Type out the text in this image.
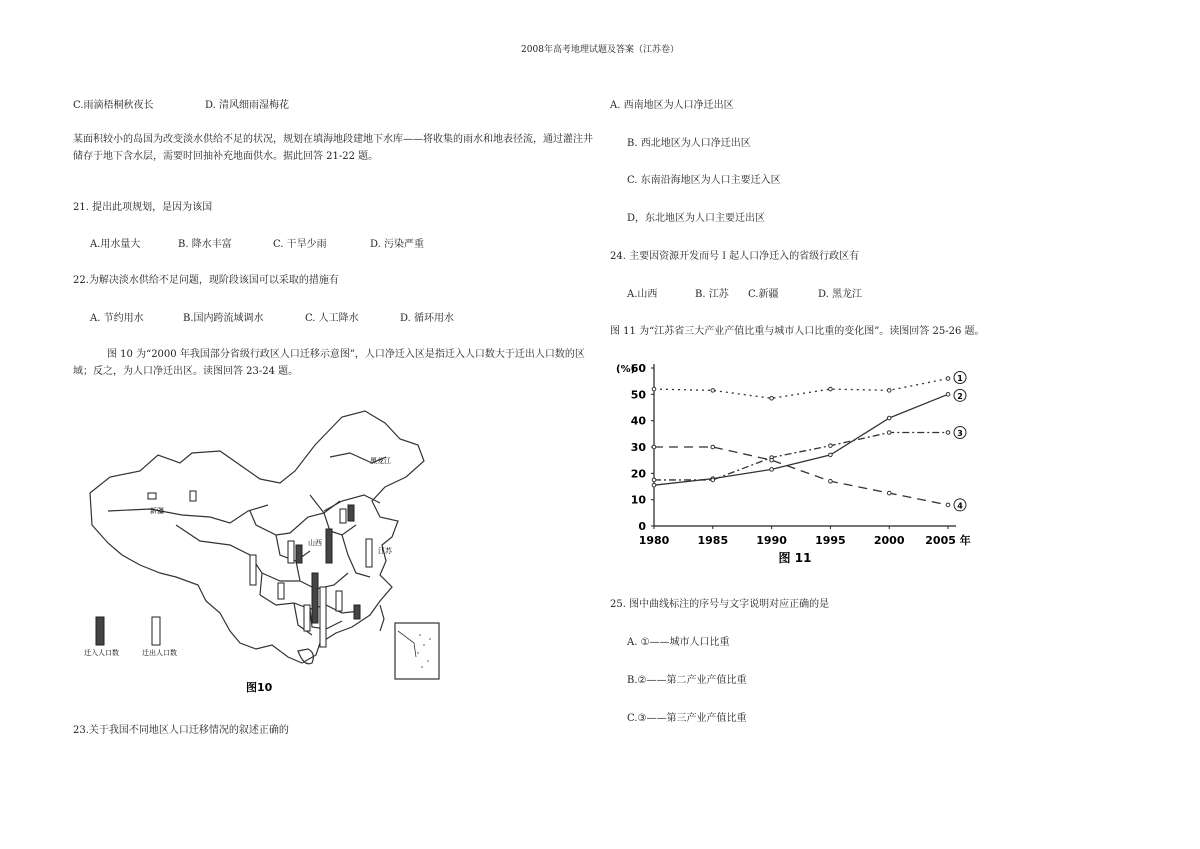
2008年高考地理试题及答案（江苏卷）
C.雨滴梧桐秋夜长	D. 清风细雨湿梅花
某面积较小的岛国为改变淡水供给不足的状况，规划在填海地段建地下水库——将收集的雨水和地表径流，通过灌注井储存于地下含水层，需要时回抽补充地面供水。据此回答 21-22 题。
21. 提出此项规划，是因为该国
A.用水量大	B. 降水丰富	C. 干旱少雨	D. 污染严重
22.为解决淡水供给不足问题，现阶段该国可以采取的措施有
A. 节约用水	B.国内跨流域调水	C. 人工降水	D. 循环用水
图 10 为“2000 年我国部分省级行政区人口迁移示意图”，人口净迁入区是指迁入人口数大于迁出人口数的区域；反之，为人口净迁出区。读图回答 23-24 题。
黑龙江
新疆
山西
江苏
迁入人口数	迁出人口数
图10
23.关于我国不同地区人口迁移情况的叙述正确的
A. 西南地区为人口净迁出区
B. 西北地区为人口净迁出区
C. 东南沿海地区为人口主要迁入区
D，东北地区为人口主要迁出区
24. 主要因资源开发而号Ｉ起人口净迁入的省级行政区有
A.山西	B. 江苏 C.新疆	D. 黑龙江
图 11 为“江苏省三大产业产值比重与城市人口比重的变化图”。读图回答 25-26 题。
(%)
0
10
20
30
40
50
60
1980	1985	1990	1995	2000 2005 年
1
2
3
4
图 11
25. 图中曲线标注的序号与文字说明对应正确的是
A. ①——城市人口比重
B.②——第二产业产值比重
C.③——第三产业产值比重
